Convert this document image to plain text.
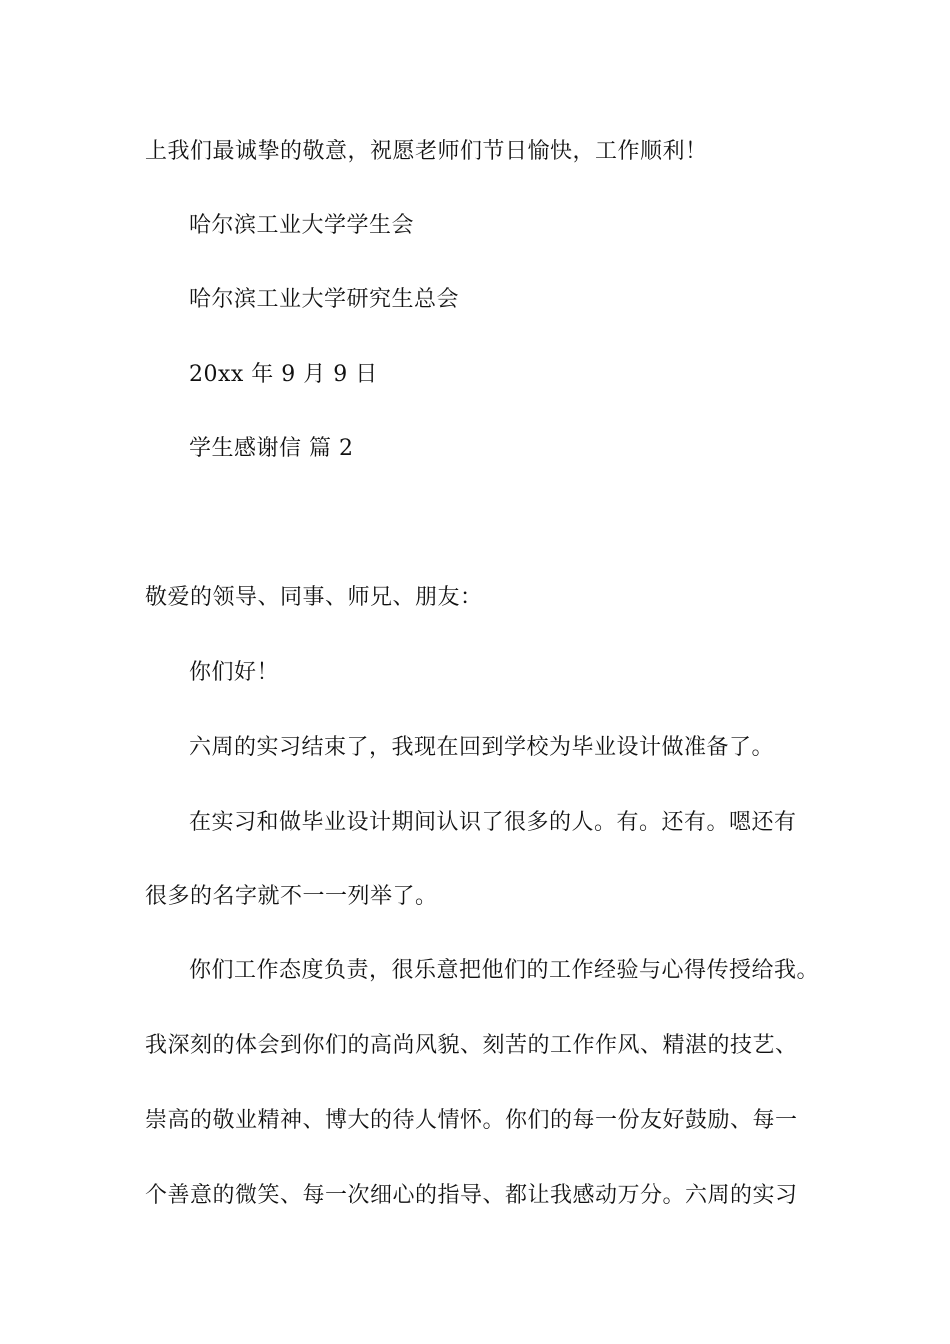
上我们最诚挚的敬意，祝愿老师们节日愉快，工作顺利！
哈尔滨工业大学学生会
哈尔滨工业大学研究生总会
20xx 年 9 月 9 日
学生感谢信 篇 2
敬爱的领导、同事、师兄、朋友：
你们好！
六周的实习结束了，我现在回到学校为毕业设计做准备了。
在实习和做毕业设计期间认识了很多的人。有。还有。嗯还有
很多的名字就不一一列举了。
你们工作态度负责，很乐意把他们的工作经验与心得传授给我。
我深刻的体会到你们的高尚风貌、刻苦的工作作风、精湛的技艺、
崇高的敬业精神、博大的待人情怀。你们的每一份友好鼓励、每一
个善意的微笑、每一次细心的指导、都让我感动万分。六周的实习
